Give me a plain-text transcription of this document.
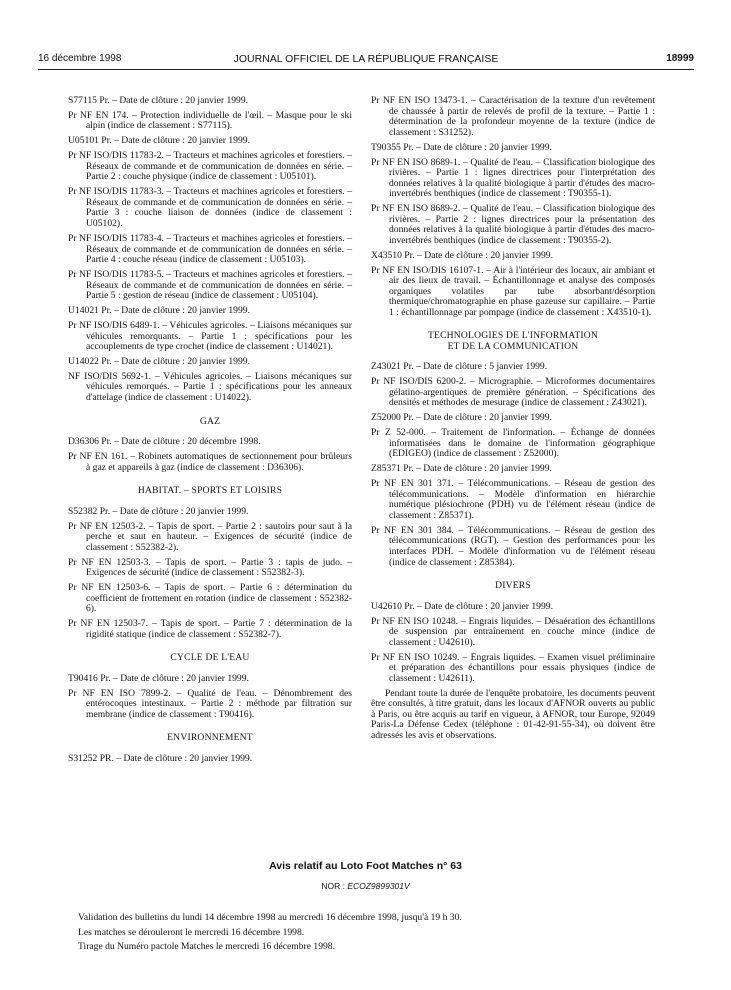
16 décembre 1998	JOURNAL OFFICIEL DE LA RÉPUBLIQUE FRANÇAISE	18999

S77115 Pr. – Date de clôture : 20 janvier 1999.

Pr NF EN 174. – Protection individuelle de l'œil. – Masque pour le ski alpin (indice de classement : S77115).

U05101 Pr. – Date de clôture : 20 janvier 1999.

Pr NF ISO/DIS 11783-2. – Tracteurs et machines agricoles et forestiers. – Réseaux de commande et de communication de données en série. – Partie 2 : couche physique (indice de classement : U05101).

Pr NF ISO/DIS 11783-3. – Tracteurs et machines agricoles et forestiers. – Réseaux de commande et de communication de données en série. – Partie 3 : couche liaison de données (indice de classement : U05102).

Pr NF ISO/DIS 11783-4. – Tracteurs et machines agricoles et forestiers. – Réseaux de commande et de communication de données en série. – Partie 4 : couche réseau (indice de classement : U05103).

Pr NF ISO/DIS 11783-5. – Tracteurs et machines agricoles et forestiers. – Réseaux de commande et de communication de données en série. – Partie 5 : gestion de réseau (indice de classement : U05104).

U14021 Pr. – Date de clôture : 20 janvier 1999.

Pr NF ISO/DIS 6489-1. – Véhicules agricoles. – Liaisons mécaniques sur véhicules remorquants. – Partie 1 : spécifications pour les accouplements de type crochet (indice de classement : U14021).

U14022 Pr. – Date de clôture : 20 janvier 1999.

NF ISO/DIS 5692-1. – Véhicules agricoles. – Liaisons mécaniques sur véhicules remorqués. – Partie 1 : spécifications pour les anneaux d'attelage (indice de classement : U14022).

GAZ

D36306 Pr. – Date de clôture : 20 décembre 1998.

Pr NF EN 161. – Robinets automatiques de sectionnement pour brûleurs à gaz et appareils à gaz (indice de classement : D36306).

HABITAT. – SPORTS ET LOISIRS

S52382 Pr. – Date de clôture : 20 janvier 1999.

Pr NF EN 12503-2. – Tapis de sport. – Partie 2 : sautoirs pour saut à la perche et saut en hauteur. – Exigences de sécurité (indice de classement : S52382-2).

Pr NF EN 12503-3. – Tapis de sport. – Partie 3 : tapis de judo. – Exigences de sécurité (indice de classement : S52382-3).

Pr NF EN 12503-6. – Tapis de sport. – Partie 6 : détermination du coefficient de frottement en rotation (indice de classement : S52382-6).

Pr NF EN 12503-7. – Tapis de sport. – Partie 7 : détermination de la rigidité statique (indice de classement : S52382-7).

CYCLE DE L'EAU

T90416 Pr. – Date de clôture : 20 janvier 1999.

Pr NF EN ISO 7899-2. – Qualité de l'eau. – Dénombrement des entérocoques intestinaux. – Partie 2 : méthode par filtration sur membrane (indice de classement : T90416).

ENVIRONNEMENT

S31252 PR. – Date de clôture : 20 janvier 1999.

Pr NF EN ISO 13473-1. – Caractérisation de la texture d'un revêtement de chaussée à partir de relevés de profil de la texture. – Partie 1 : détermination de la profondeur moyenne de la texture (indice de classement : S31252).

T90355 Pr. – Date de clôture : 20 janvier 1999.

Pr NF EN ISO 8689-1. – Qualité de l'eau. – Classification biologique des rivières. – Partie 1 : lignes directrices pour l'interprétation des données relatives à la qualité biologique à partir d'études des macro-invertébrés benthiques (indice de classement : T90355-1).

Pr NF EN ISO 8689-2. – Qualité de l'eau. – Classification biologique des rivières. – Partie 2 : lignes directrices pour la présentation des données relatives à la qualité biologique à partir d'études des macro-invertébrés benthiques (indice de classement : T90355-2).

X43510 Pr. – Date de clôture : 20 janvier 1999.

Pr NF EN ISO/DIS 16107-1. – Air à l'intérieur des locaux, air ambiant et air des lieux de travail. – Échantillonnage et analyse des composés organiques volatiles par tube absorbant/désorption thermique/chromatographie en phase gazeuse sur capillaire. – Partie 1 : échantillonnage par pompage (indice de classement : X43510-1).

TECHNOLOGIES DE L'INFORMATION
ET DE LA COMMUNICATION

Z43021 Pr. – Date de clôture : 5 janvier 1999.

Pr NF ISO/DIS 6200-2. – Micrographie. – Microformes documentaires gélatino-argentiques de première génération. – Spécifications des densités et méthodes de mesurage (indice de classement : Z43021).

Z52000 Pr. – Date de clôture : 20 janvier 1999.

Pr Z 52-000. – Traitement de l'information. – Échange de données informatisées dans le domaine de l'information géographique (EDIGEO) (indice de classement : Z52000).

Z85371 Pr. – Date de clôture : 20 janvier 1999.

Pr NF EN 301 371. – Télécommunications. – Réseau de gestion des télécommunications. – Modèle d'information en hiérarchie numérique plésiochrone (PDH) vu de l'élément réseau (indice de classement : Z85371).

Pr NF EN 301 384. – Télécommunications. – Réseau de gestion des télécommunications (RGT). – Gestion des performances pour les interfaces PDH. – Modèle d'information vu de l'élément réseau (indice de classement : Z85384).

DIVERS

U42610 Pr. – Date de clôture : 20 janvier 1999.

Pr NF EN ISO 10248. – Engrais liquides. – Désaération des échantillons de suspension par entraînement en couche mince (indice de classement : U42610).

Pr NF EN ISO 10249. – Engrais liquides. – Examen visuel préliminaire et préparation des échantillons pour essais physiques (indice de classement : U42611).

Pendant toute la durée de l'enquête probatoire, les documents peuvent être consultés, à titre gratuit, dans les locaux d'AFNOR ouverts au public à Paris, ou être acquis au tarif en vigueur, à AFNOR, tour Europe, 92049 Paris-La Défense Cedex (téléphone : 01-42-91-55-34), où doivent être adressés les avis et observations.

Avis relatif au Loto Foot Matches n° 63
NOR : ECOZ9899301V

Validation des bulletins du lundi 14 décembre 1998 au mercredi 16 décembre 1998, jusqu'à 19 h 30.

Les matches se dérouleront le mercredi 16 décembre 1998.

Tirage du Numéro pactole Matches le mercredi 16 décembre 1998.
